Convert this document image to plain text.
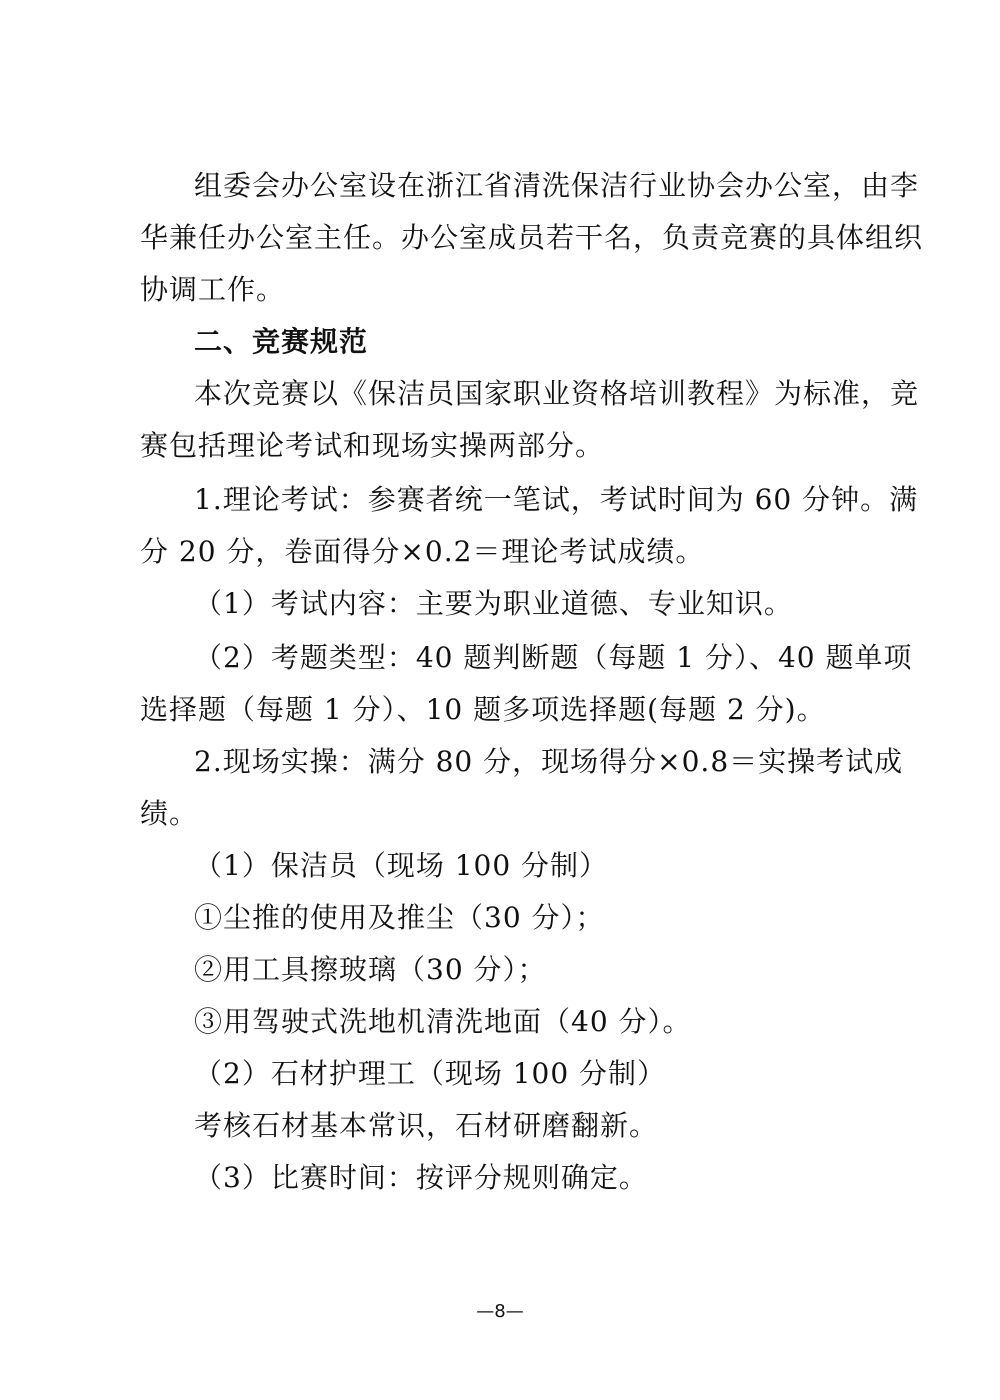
组委会办公室设在浙江省清洗保洁行业协会办公室，由李
华兼任办公室主任。办公室成员若干名，负责竞赛的具体组织
协调工作。
二、竞赛规范
本次竞赛以《保洁员国家职业资格培训教程》为标准，竞
赛包括理论考试和现场实操两部分。
1.理论考试：参赛者统一笔试，考试时间为 60 分钟。满
分 20 分，卷面得分×0.2＝理论考试成绩。
（1）考试内容：主要为职业道德、专业知识。
（2）考题类型：40 题判断题（每题 1 分）、40 题单项
选择题（每题 1 分）、10 题多项选择题(每题 2 分)。
2.现场实操：满分 80 分，现场得分×0.8＝实操考试成
绩。
（1）保洁员（现场 100 分制）
①尘推的使用及推尘（30 分）；
②用工具擦玻璃（30 分）；
③用驾驶式洗地机清洗地面（40 分）。
（2）石材护理工（现场 100 分制）
考核石材基本常识，石材研磨翻新。
（3）比赛时间：按评分规则确定。
—8—
